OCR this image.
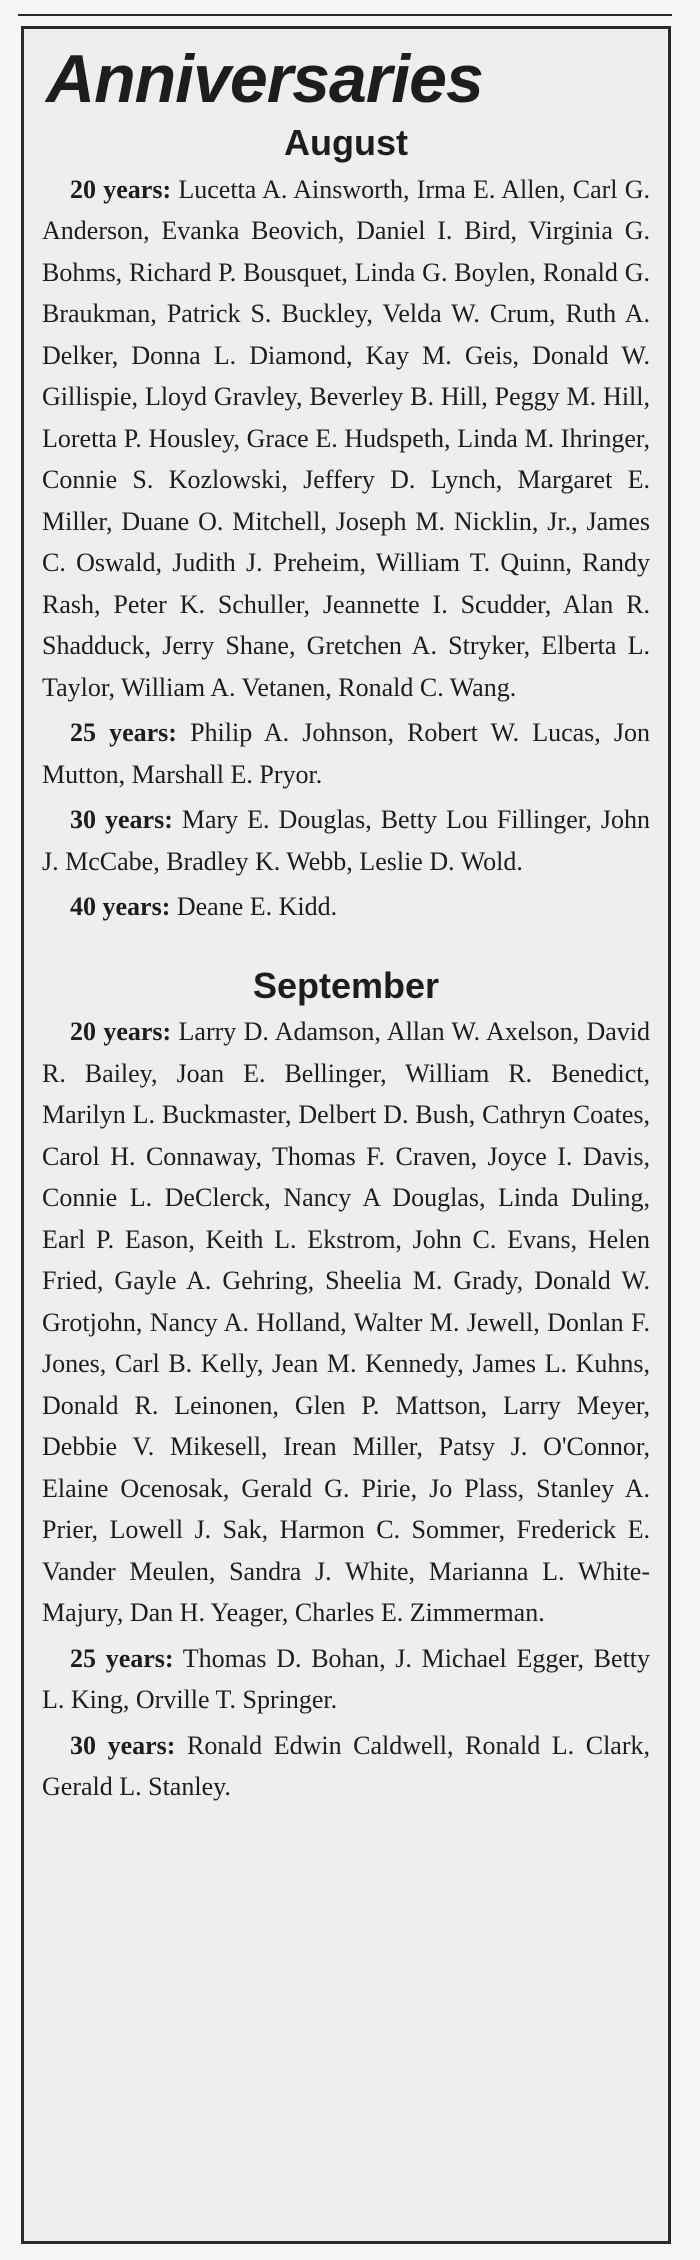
Anniversaries
August

20 years: Lucetta A. Ainsworth, Irma E. Allen, Carl G. Anderson, Evanka Beovich, Daniel I. Bird, Virginia G. Bohms, Richard P. Bousquet, Linda G. Boylen, Ronald G. Braukman, Patrick S. Buckley, Velda W. Crum, Ruth A. Delker, Donna L. Diamond, Kay M. Geis, Donald W. Gillispie, Lloyd Gravley, Beverley B. Hill, Peggy M. Hill, Loretta P. Housley, Grace E. Hudspeth, Linda M. Ihringer, Connie S. Kozlowski, Jeffery D. Lynch, Margaret E. Miller, Duane O. Mitchell, Joseph M. Nicklin, Jr., James C. Oswald, Judith J. Preheim, William T. Quinn, Randy Rash, Peter K. Schuller, Jeannette I. Scudder, Alan R. Shadduck, Jerry Shane, Gretchen A. Stryker, Elberta L. Taylor, William A. Vetanen, Ronald C. Wang.

25 years: Philip A. Johnson, Robert W. Lucas, Jon Mutton, Marshall E. Pryor.

30 years: Mary E. Douglas, Betty Lou Fillinger, John J. McCabe, Bradley K. Webb, Leslie D. Wold.

40 years: Deane E. Kidd.

September

20 years: Larry D. Adamson, Allan W. Axelson, David R. Bailey, Joan E. Bellinger, William R. Benedict, Marilyn L. Buckmaster, Delbert D. Bush, Cathryn Coates, Carol H. Connaway, Thomas F. Craven, Joyce I. Davis, Connie L. DeClerck, Nancy A Douglas, Linda Duling, Earl P. Eason, Keith L. Ekstrom, John C. Evans, Helen Fried, Gayle A. Gehring, Sheelia M. Grady, Donald W. Grotjohn, Nancy A. Holland, Walter M. Jewell, Donlan F. Jones, Carl B. Kelly, Jean M. Kennedy, James L. Kuhns, Donald R. Leinonen, Glen P. Mattson, Larry Meyer, Debbie V. Mikesell, Irean Miller, Patsy J. O'Connor, Elaine Ocenosak, Gerald G. Pirie, Jo Plass, Stanley A. Prier, Lowell J. Sak, Harmon C. Sommer, Frederick E. Vander Meulen, Sandra J. White, Marianna L. White-Majury, Dan H. Yeager, Charles E. Zimmerman.

25 years: Thomas D. Bohan, J. Michael Egger, Betty L. King, Orville T. Springer.

30 years: Ronald Edwin Caldwell, Ronald L. Clark, Gerald L. Stanley.
